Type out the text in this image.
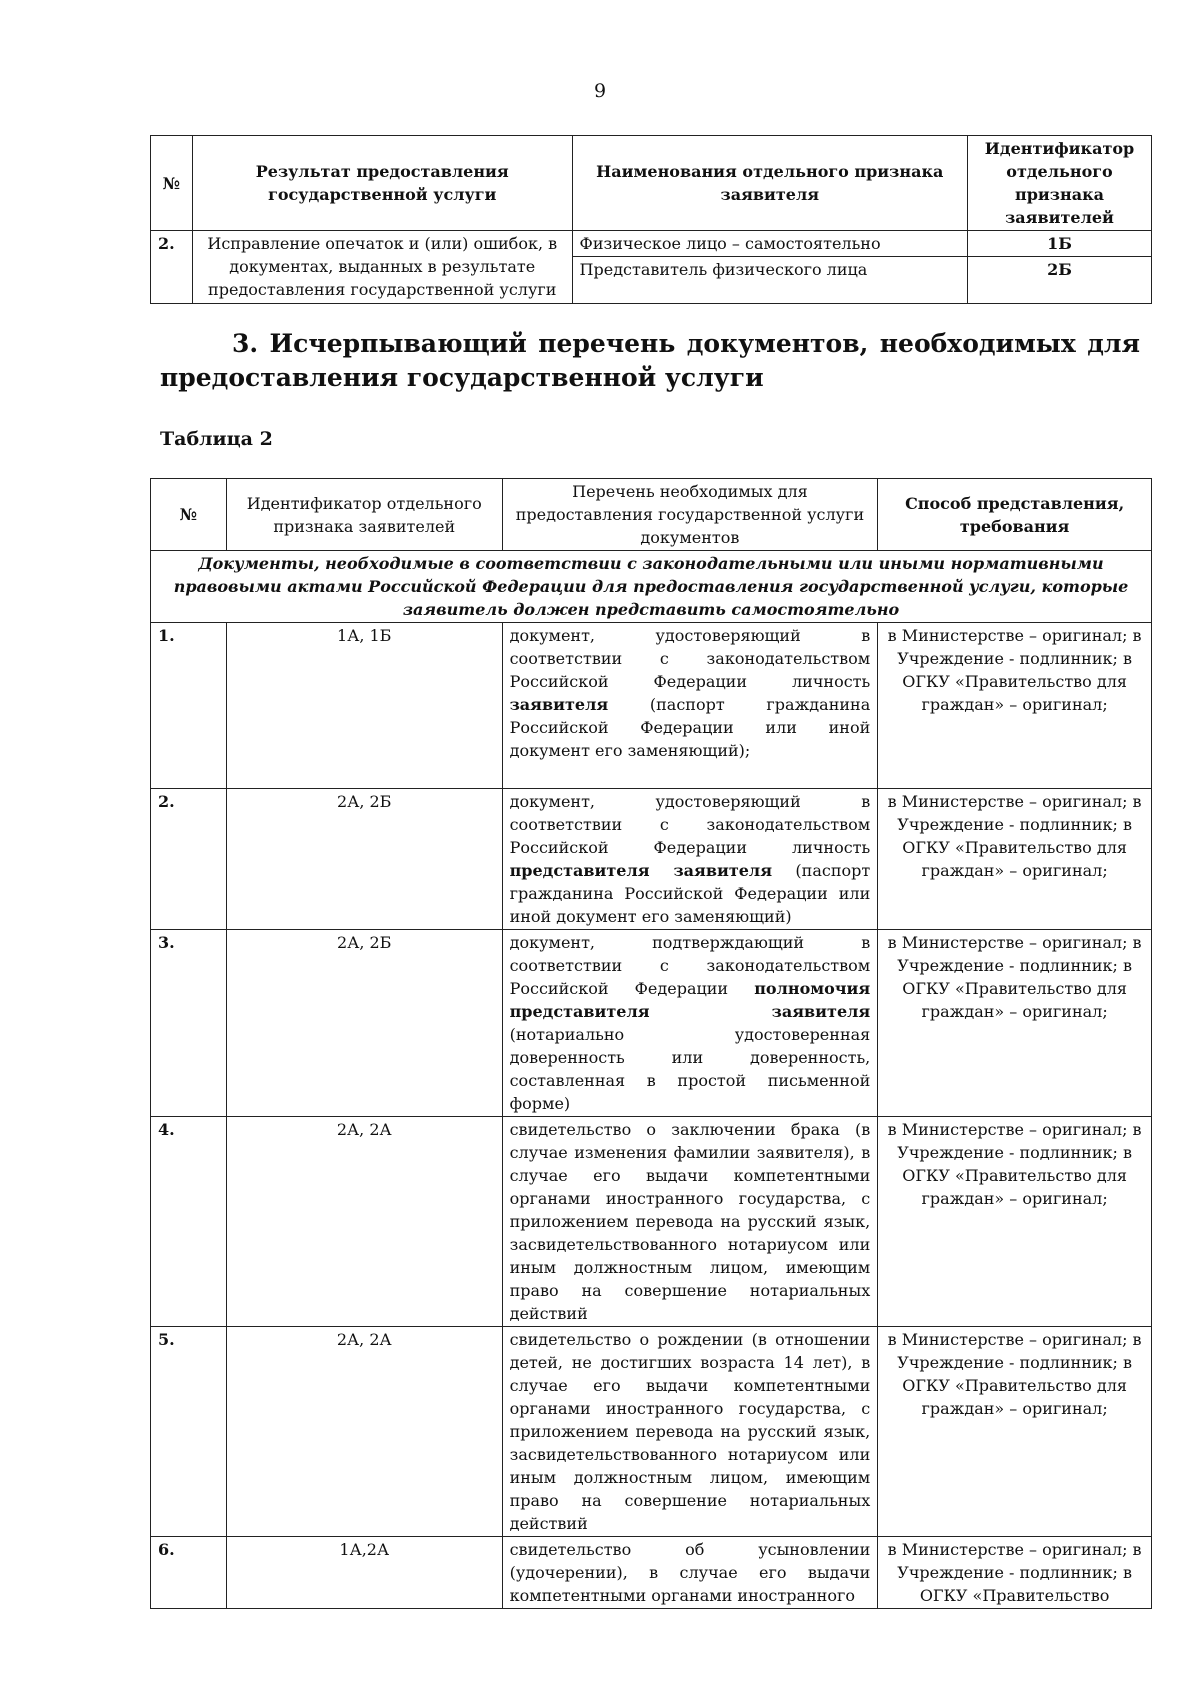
9
№	Результат предоставления государственной услуги	Наименования отдельного признака заявителя	Идентификатор отдельного признака заявителей
2.	Исправление опечаток и (или) ошибок, в документах, выданных в результате предоставления государственной услуги	Физическое лицо – самостоятельно	1Б
		Представитель физического лица	2Б
3. Исчерпывающий перечень документов, необходимых для
предоставления государственной услуги
Таблица 2
№	Идентификатор отдельного признака заявителей	Перечень необходимых для предоставления государственной услуги документов	Способ представления, требования
Документы, необходимые в соответствии с законодательными или иными нормативными правовыми актами Российской Федерации для предоставления государственной услуги, которые заявитель должен представить самостоятельно			
1.	1А, 1Б	документ, удостоверяющий в соответствии с законодательством Российской Федерации личность заявителя (паспорт гражданина Российской Федерации или иной документ его заменяющий);	в Министерстве – оригинал; в Учреждение - подлинник; в ОГКУ «Правительство для граждан» – оригинал;
2.	2А, 2Б	документ, удостоверяющий в соответствии с законодательством Российской Федерации личность представителя заявителя (паспорт гражданина Российской Федерации или иной документ его заменяющий)	в Министерстве – оригинал; в Учреждение - подлинник; в ОГКУ «Правительство для граждан» – оригинал;
3.	2А, 2Б	документ, подтверждающий в соответствии с законодательством Российской Федерации полномочия представителя заявителя (нотариально удостоверенная доверенность или доверенность, составленная в простой письменной форме)	в Министерстве – оригинал; в Учреждение - подлинник; в ОГКУ «Правительство для граждан» – оригинал;
4.	2А, 2А	свидетельство о заключении брака (в случае изменения фамилии заявителя), в случае его выдачи компетентными органами иностранного государства, с приложением перевода на русский язык, засвидетельствованного нотариусом или иным должностным лицом, имеющим право на совершение нотариальных действий	в Министерстве – оригинал; в Учреждение - подлинник; в ОГКУ «Правительство для граждан» – оригинал;
5.	2А, 2А	свидетельство о рождении (в отношении детей, не достигших возраста 14 лет), в случае его выдачи компетентными органами иностранного государства, с приложением перевода на русский язык, засвидетельствованного нотариусом или иным должностным лицом, имеющим право на совершение нотариальных действий	в Министерстве – оригинал; в Учреждение - подлинник; в ОГКУ «Правительство для граждан» – оригинал;
6.	1А,2А	свидетельство об усыновлении (удочерении), в случае его выдачи компетентными органами иностранного	в Министерстве – оригинал; в Учреждение - подлинник; в ОГКУ «Правительство
